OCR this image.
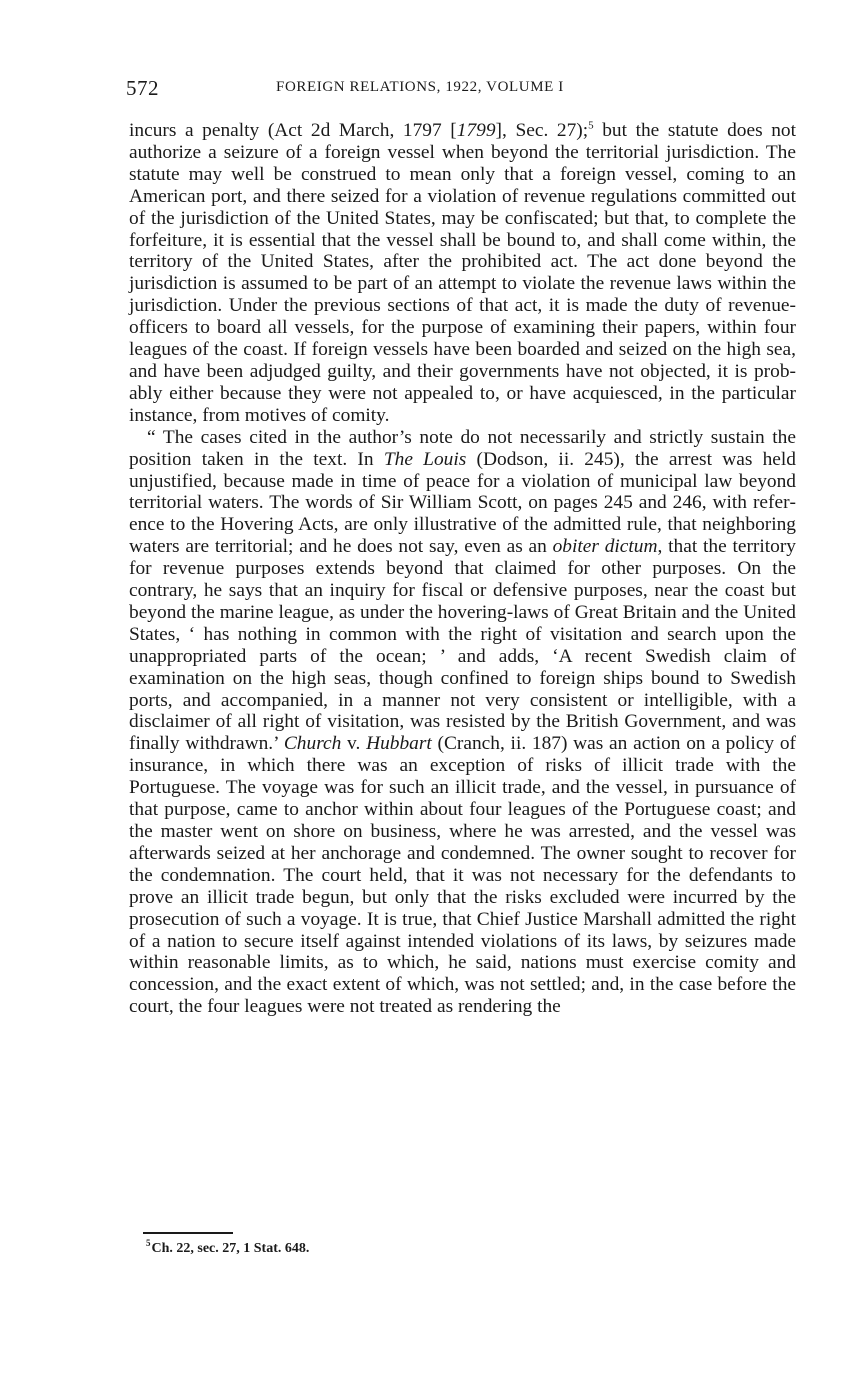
572	FOREIGN RELATIONS, 1922, VOLUME I

incurs a penalty (Act 2d March, 1797 [1799], Sec. 27);$^5$ but the statute does not authorize a seizure of a foreign vessel when beyond the territorial jurisdiction. The statute may well be construed to mean only that a foreign vessel, coming to an American port, and there seized for a violation of revenue regulations committed out of the jurisdiction of the United States, may be confiscated; but that, to complete the forfeiture, it is essential that the vessel shall be bound to, and shall come within, the territory of the United States, after the prohibited act. The act done beyond the jurisdiction is assumed to be part of an attempt to violate the revenue laws within the jurisdiction. Under the previous sections of that act, it is made the duty of revenue-officers to board all vessels, for the purpose of examining their papers, within four leagues of the coast. If foreign vessels have been boarded and seized on the high sea, and have been adjudged guilty, and their governments have not objected, it is probably either because they were not appealed to, or have acquiesced, in the particular instance, from motives of comity.

“ The cases cited in the author’s note do not necessarily and strictly sustain the position taken in the text. In The Louis (Dodson, ii. 245), the arrest was held unjustified, because made in time of peace for a violation of municipal law beyond territorial waters. The words of Sir William Scott, on pages 245 and 246, with reference to the Hovering Acts, are only illustrative of the admitted rule, that neighboring waters are territorial; and he does not say, even as an obiter dictum, that the territory for revenue purposes extends beyond that claimed for other purposes. On the contrary, he says that an inquiry for fiscal or defensive purposes, near the coast but beyond the marine league, as under the hovering-laws of Great Britain and the United States, ‘ has nothing in common with the right of visitation and search upon the unappropriated parts of the ocean; ’ and adds, ‘A recent Swedish claim of examination on the high seas, though confined to foreign ships bound to Swedish ports, and accompanied, in a manner not very consistent or intelligible, with a disclaimer of all right of visitation, was resisted by the British Government, and was finally withdrawn.’ Church v. Hubbart (Cranch, ii. 187) was an action on a policy of insurance, in which there was an exception of risks of illicit trade with the Portuguese. The voyage was for such an illicit trade, and the vessel, in pursuance of that purpose, came to anchor within about four leagues of the Portuguese coast; and the master went on shore on business, where he was arrested, and the vessel was afterwards seized at her anchorage and condemned. The owner sought to recover for the condemnation. The court held, that it was not necessary for the defendants to prove an illicit trade begun, but only that the risks excluded were incurred by the prosecution of such a voyage. It is true, that Chief Justice Marshall admitted the right of a nation to secure itself against intended violations of its laws, by seizures made within reasonable limits, as to which, he said, nations must exercise comity and concession, and the exact extent of which, was not settled; and, in the case before the court, the four leagues were not treated as rendering the

$^5$Ch. 22, sec. 27, 1 Stat. 648.
